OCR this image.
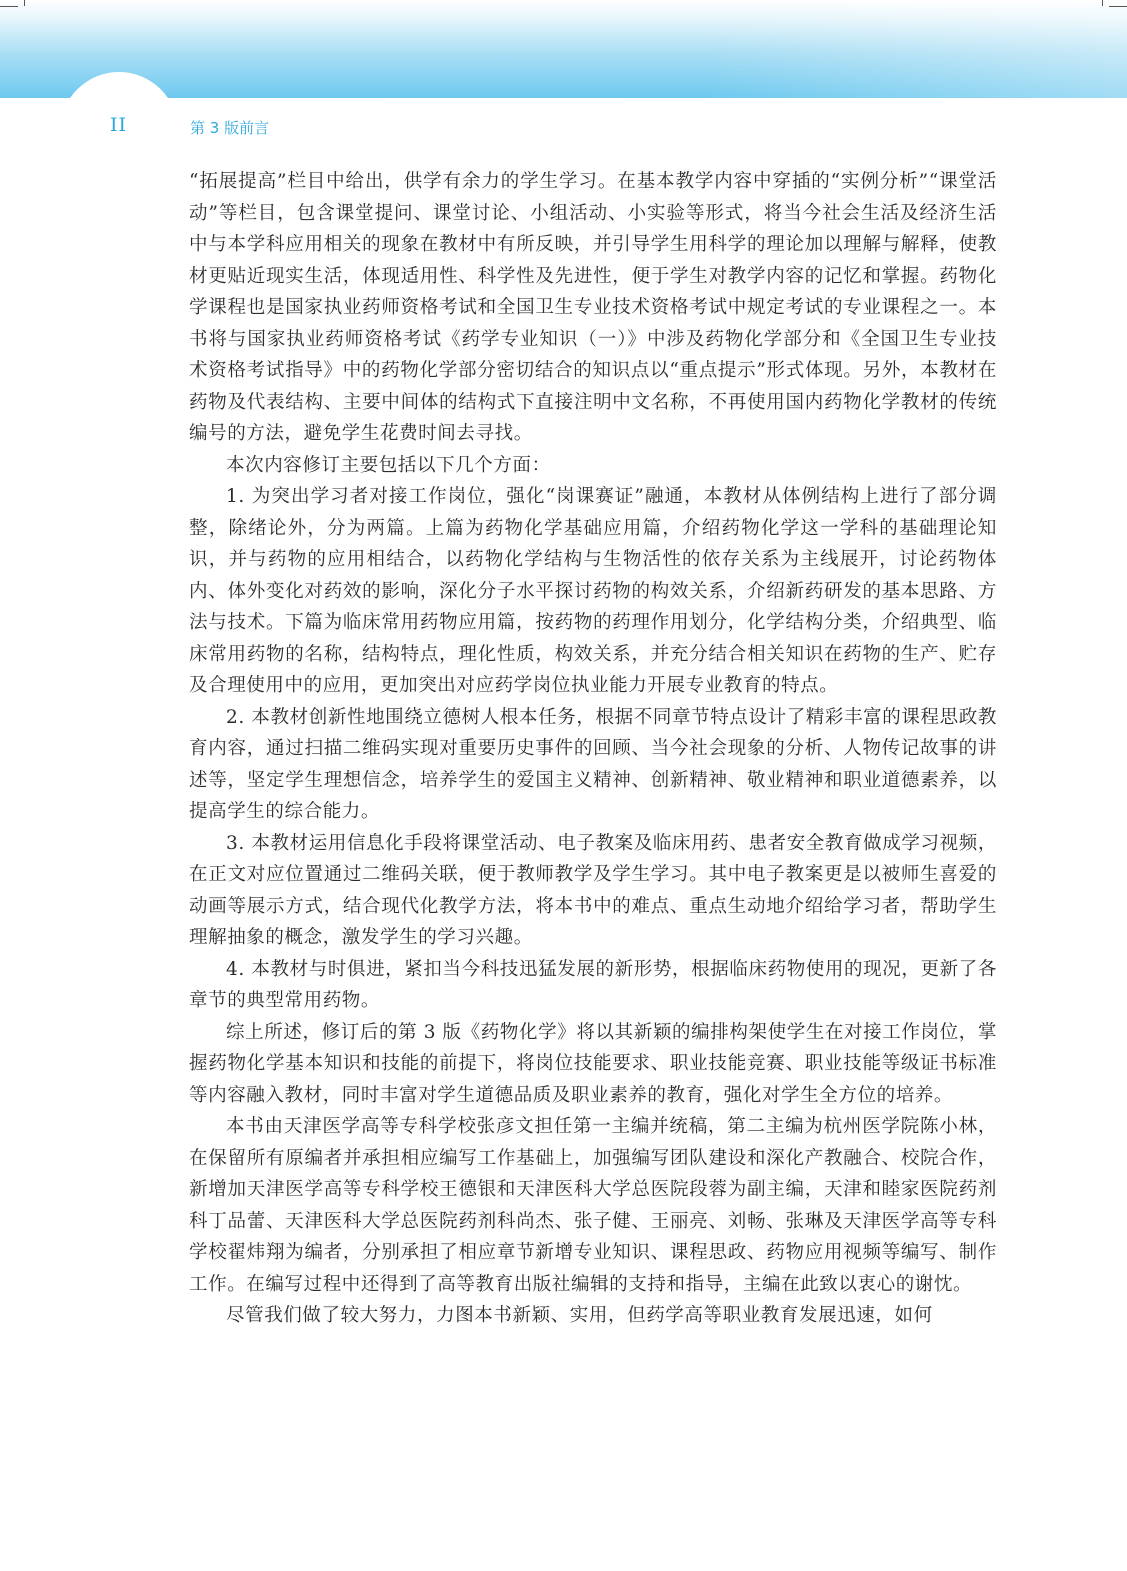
II	第 3 版前言

“拓展提高”栏目中给出，供学有余力的学生学习。在基本教学内容中穿插的“实例分析”“课堂活动”等栏目，包含课堂提问、课堂讨论、小组活动、小实验等形式，将当今社会生活及经济生活中与本学科应用相关的现象在教材中有所反映，并引导学生用科学的理论加以理解与解释，使教材更贴近现实生活，体现适用性、科学性及先进性，便于学生对教学内容的记忆和掌握。药物化学课程也是国家执业药师资格考试和全国卫生专业技术资格考试中规定考试的专业课程之一。本书将与国家执业药师资格考试《药学专业知识（一）》中涉及药物化学部分和《全国卫生专业技术资格考试指导》中的药物化学部分密切结合的知识点以“重点提示”形式体现。另外，本教材在药物及代表结构、主要中间体的结构式下直接注明中文名称，不再使用国内药物化学教材的传统编号的方法，避免学生花费时间去寻找。

本次内容修订主要包括以下几个方面：

1. 为突出学习者对接工作岗位，强化“岗课赛证”融通，本教材从体例结构上进行了部分调整，除绪论外，分为两篇。上篇为药物化学基础应用篇，介绍药物化学这一学科的基础理论知识，并与药物的应用相结合，以药物化学结构与生物活性的依存关系为主线展开，讨论药物体内、体外变化对药效的影响，深化分子水平探讨药物的构效关系，介绍新药研发的基本思路、方法与技术。下篇为临床常用药物应用篇，按药物的药理作用划分，化学结构分类，介绍典型、临床常用药物的名称，结构特点，理化性质，构效关系，并充分结合相关知识在药物的生产、贮存及合理使用中的应用，更加突出对应药学岗位执业能力开展专业教育的特点。

2. 本教材创新性地围绕立德树人根本任务，根据不同章节特点设计了精彩丰富的课程思政教育内容，通过扫描二维码实现对重要历史事件的回顾、当今社会现象的分析、人物传记故事的讲述等，坚定学生理想信念，培养学生的爱国主义精神、创新精神、敬业精神和职业道德素养，以提高学生的综合能力。

3. 本教材运用信息化手段将课堂活动、电子教案及临床用药、患者安全教育做成学习视频，在正文对应位置通过二维码关联，便于教师教学及学生学习。其中电子教案更是以被师生喜爱的动画等展示方式，结合现代化教学方法，将本书中的难点、重点生动地介绍给学习者，帮助学生理解抽象的概念，激发学生的学习兴趣。

4. 本教材与时俱进，紧扣当今科技迅猛发展的新形势，根据临床药物使用的现况，更新了各章节的典型常用药物。

综上所述，修订后的第 3 版《药物化学》将以其新颖的编排构架使学生在对接工作岗位，掌握药物化学基本知识和技能的前提下，将岗位技能要求、职业技能竞赛、职业技能等级证书标准等内容融入教材，同时丰富对学生道德品质及职业素养的教育，强化对学生全方位的培养。

本书由天津医学高等专科学校张彦文担任第一主编并统稿，第二主编为杭州医学院陈小林，在保留所有原编者并承担相应编写工作基础上，加强编写团队建设和深化产教融合、校院合作，新增加天津医学高等专科学校王德银和天津医科大学总医院段蓉为副主编，天津和睦家医院药剂科丁品蕾、天津医科大学总医院药剂科尚杰、张子健、王丽亮、刘畅、张琳及天津医学高等专科学校翟炜翔为编者，分别承担了相应章节新增专业知识、课程思政、药物应用视频等编写、制作工作。在编写过程中还得到了高等教育出版社编辑的支持和指导，主编在此致以衷心的谢忱。

尽管我们做了较大努力，力图本书新颖、实用，但药学高等职业教育发展迅速，如何
